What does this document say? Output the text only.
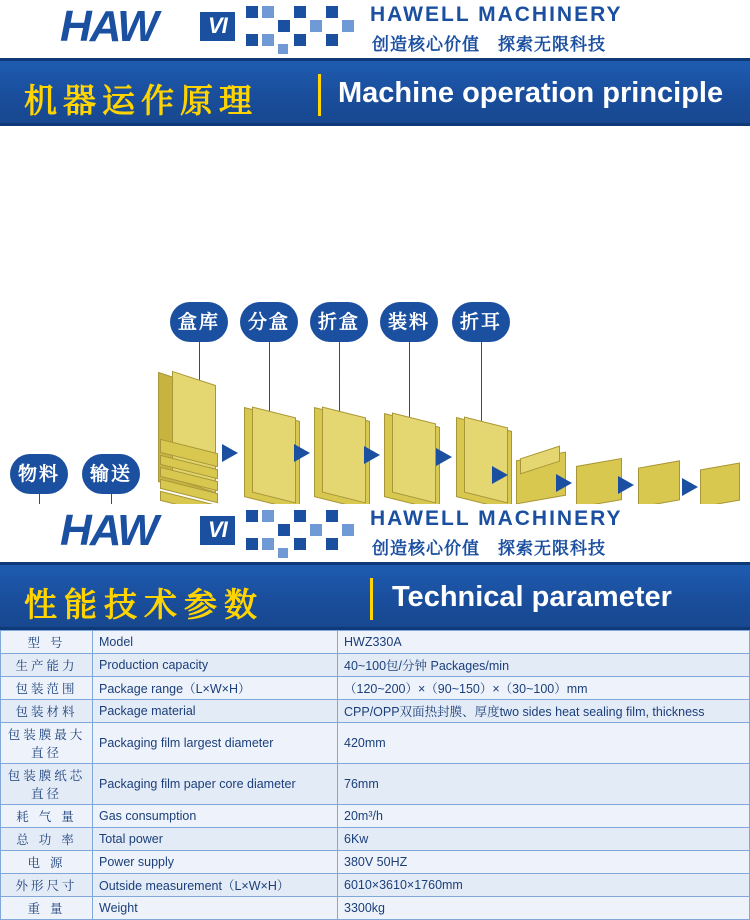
HAW	VI	HAWELL MACHINERY
创造核心价值 探索无限科技
机器运作原理	Machine operation principle
盒库	分盒	折盒	装料	折耳
物料	输送
HAW	VI	HAWELL MACHINERY
创造核心价值 探索无限科技
性能技术参数	Technical parameter
型 号	Model	HWZ330A
生产能力	Production capacity	40~100包/分钟 Packages/min
包装范围	Package range（L×W×H）	（120~200）×（90~150）×（30~100）mm
包装材料	Package material	CPP/OPP双面热封膜、厚度two sides heat sealing film, thickness
包装膜最大直径	Packaging film largest diameter	420mm
包装膜纸芯直径	Packaging film paper core diameter	76mm
耗 气 量	Gas consumption	20m³/h
总 功 率	Total power	6Kw
电 源	Power supply	380V 50HZ
外形尺寸	Outside measurement（L×W×H）	6010×3610×1760mm
重 量	Weight	3300kg
